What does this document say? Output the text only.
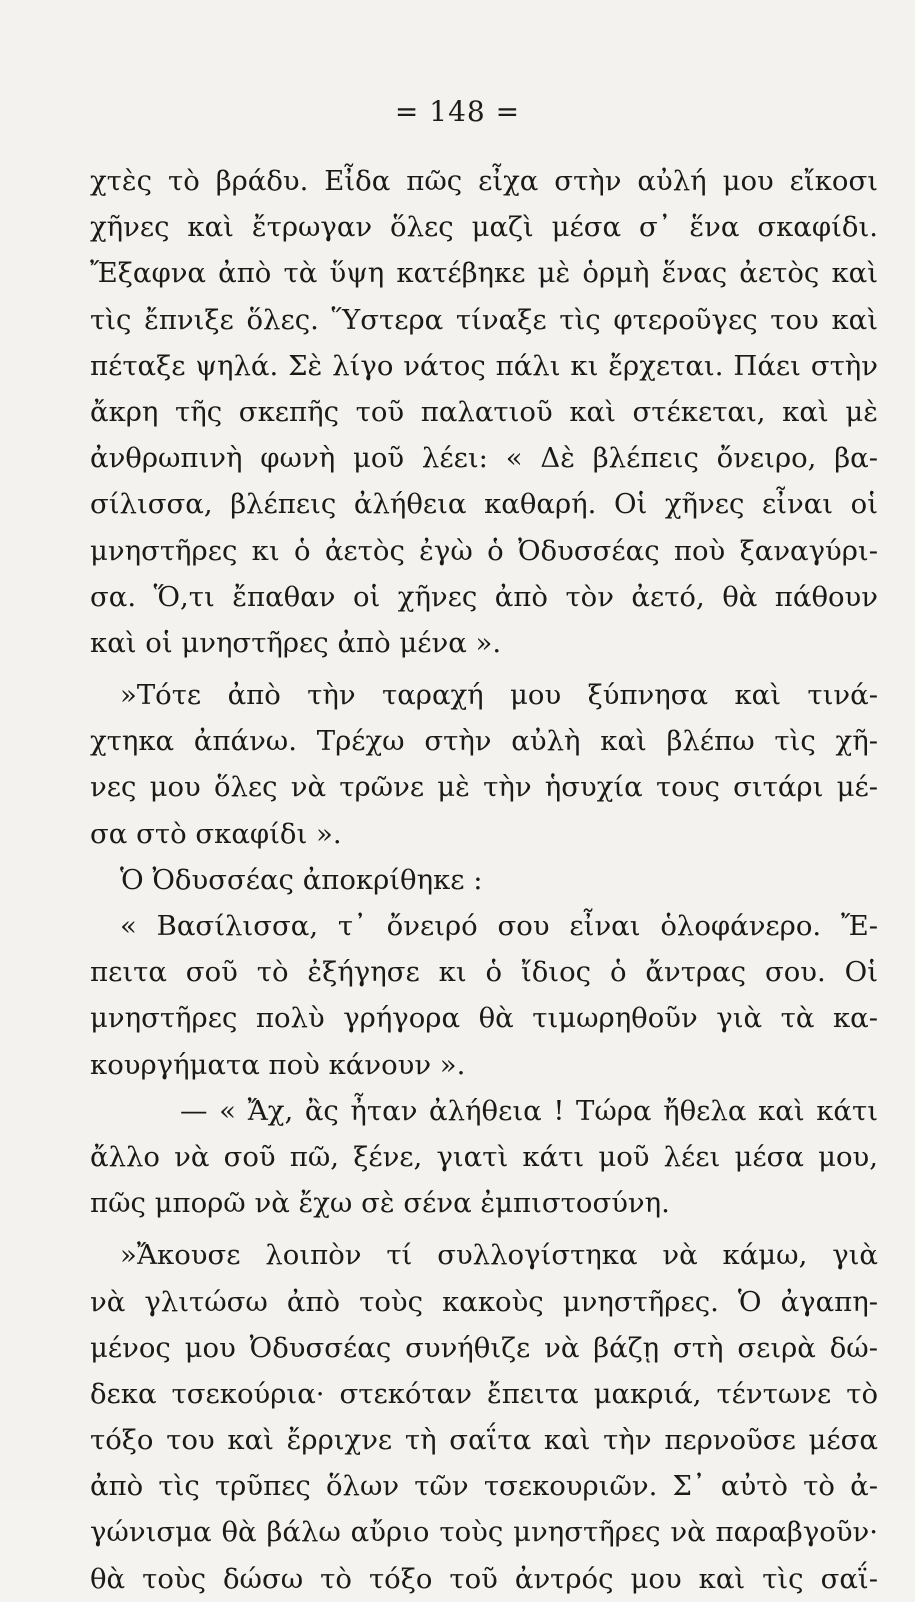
= 148 =
χτὲς τὸ βράδυ. Εἶδα πῶς εἶχα στὴν αὐλή μου εἴκοσι
χῆνες καὶ ἔτρωγαν ὅλες μαζὶ μέσα σ᾽ ἕνα σκαφίδι.
Ἔξαφνα ἀπὸ τὰ ὕψη κατέβηκε μὲ ὁρμὴ ἕνας ἀετὸς καὶ
τὶς ἔπνιξε ὅλες. Ὕστερα τίναξε τὶς φτεροῦγες του καὶ
πέταξε ψηλά. Σὲ λίγο νάτος πάλι κι ἔρχεται. Πάει στὴν
ἄκρη τῆς σκεπῆς τοῦ παλατιοῦ καὶ στέκεται, καὶ μὲ
ἀνθρωπινὴ φωνὴ μοῦ λέει: « Δὲ βλέπεις ὄνειρο, βα-
σίλισσα, βλέπεις ἀλήθεια καθαρή. Οἱ χῆνες εἶναι οἱ
μνηστῆρες κι ὁ ἀετὸς ἐγὼ ὁ Ὀδυσσέας ποὺ ξαναγύρι-
σα. Ὅ,τι ἔπαθαν οἱ χῆνες ἀπὸ τὸν ἀετό, θὰ πάθουν
καὶ οἱ μνηστῆρες ἀπὸ μένα ».
»Τότε ἀπὸ τὴν ταραχή μου ξύπνησα καὶ τινά-
χτηκα ἀπάνω. Τρέχω στὴν αὐλὴ καὶ βλέπω τὶς χῆ-
νες μου ὅλες νὰ τρῶνε μὲ τὴν ἡσυχία τους σιτάρι μέ-
σα στὸ σκαφίδι ».
Ὁ Ὀδυσσέας ἀποκρίθηκε :
« Βασίλισσα, τ᾽ ὄνειρό σου εἶναι ὁλοφάνερο. Ἔ-
πειτα σοῦ τὸ ἐξήγησε κι ὁ ἴδιος ὁ ἄντρας σου. Οἱ
μνηστῆρες πολὺ γρήγορα θὰ τιμωρηθοῦν γιὰ τὰ κα-
κουργήματα ποὺ κάνουν ».
— « Ἄχ, ἂς ἦταν ἀλήθεια ! Τώρα ἤθελα καὶ κάτι
ἄλλο νὰ σοῦ πῶ, ξένε, γιατὶ κάτι μοῦ λέει μέσα μου,
πῶς μπορῶ νὰ ἔχω σὲ σένα ἐμπιστοσύνη.
»Ἄκουσε λοιπὸν τί συλλογίστηκα νὰ κάμω, γιὰ
νὰ γλιτώσω ἀπὸ τοὺς κακοὺς μνηστῆρες. Ὁ ἀγαπη-
μένος μου Ὀδυσσέας συνήθιζε νὰ βάζῃ στὴ σειρὰ δώ-
δεκα τσεκούρια· στεκόταν ἔπειτα μακριά, τέντωνε τὸ
τόξο του καὶ ἔρριχνε τὴ σαΐτα καὶ τὴν περνοῦσε μέσα
ἀπὸ τὶς τρῦπες ὅλων τῶν τσεκουριῶν. Σ᾽ αὐτὸ τὸ ἀ-
γώνισμα θὰ βάλω αὔριο τοὺς μνηστῆρες νὰ παραβγοῦν·
θὰ τοὺς δώσω τὸ τόξο τοῦ ἀντρός μου καὶ τὶς σαΐ-
